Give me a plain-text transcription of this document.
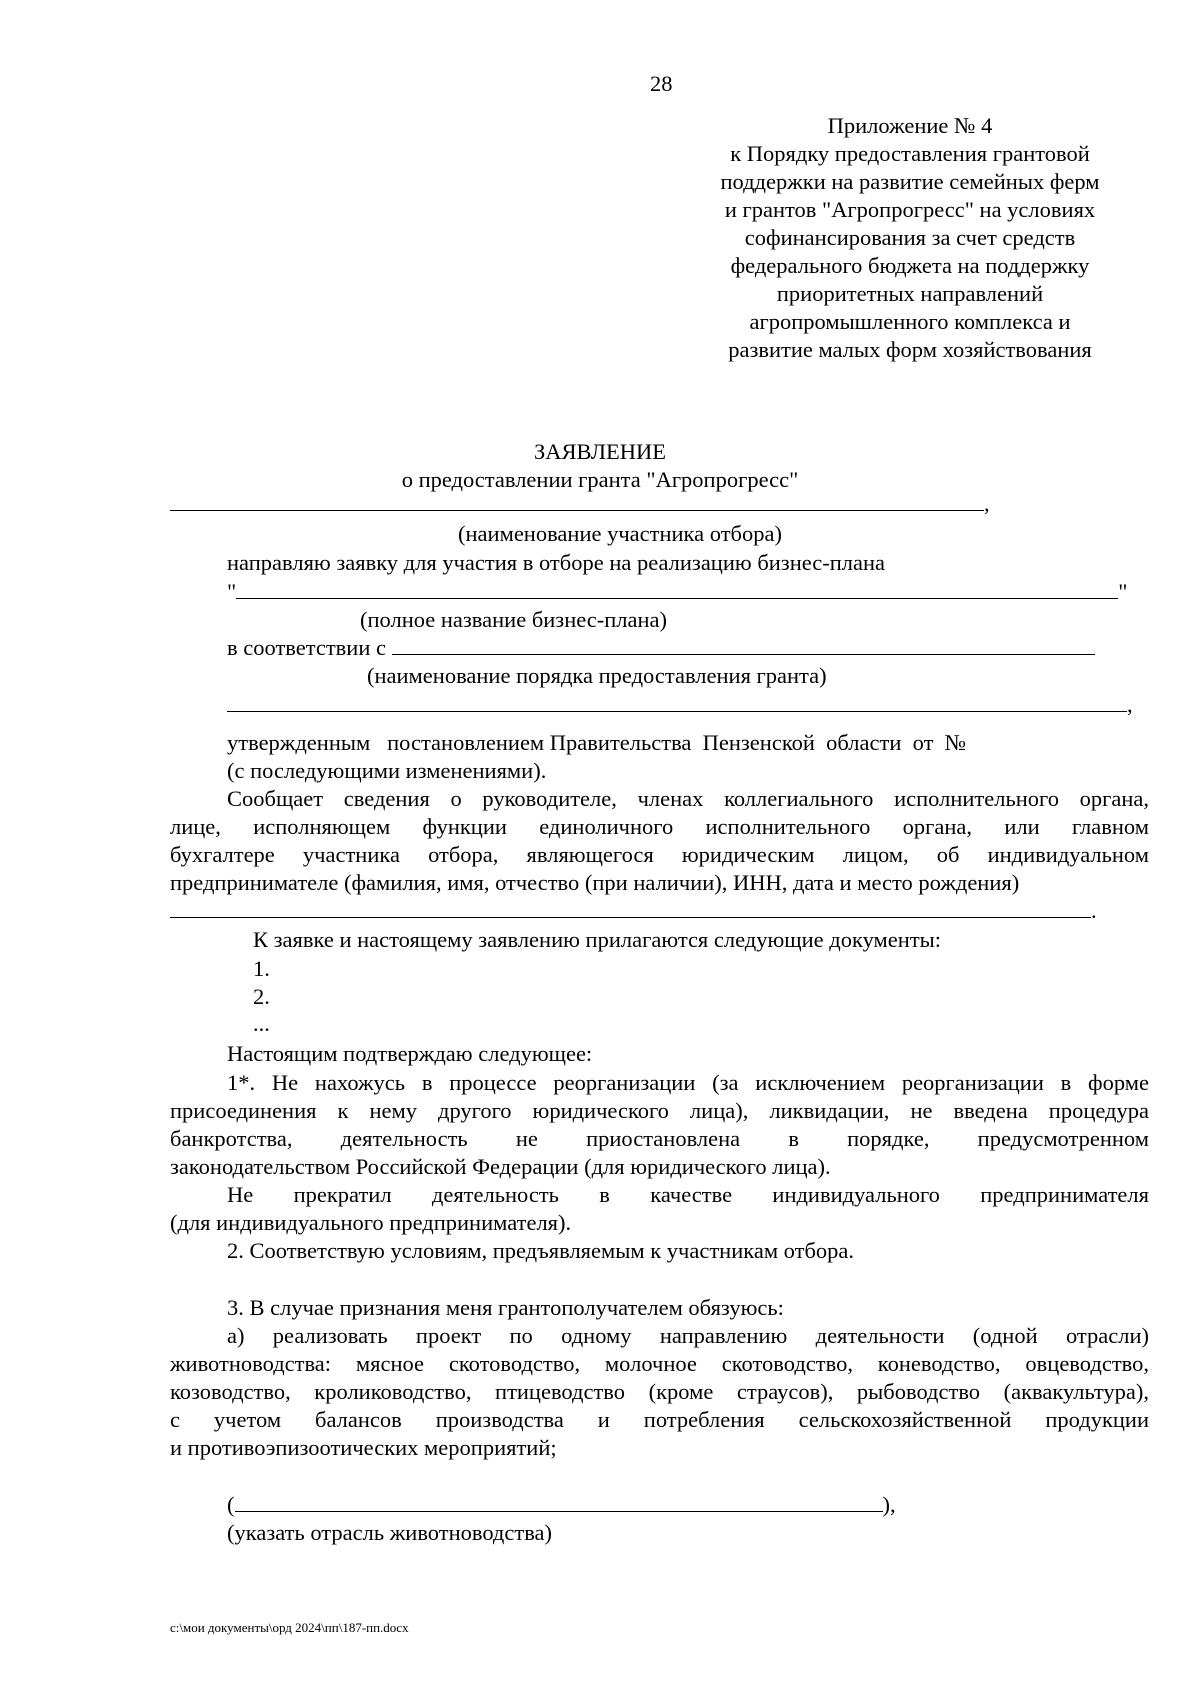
28
Приложение № 4
к Порядку предоставления грантовой
поддержки на развитие семейных ферм
и грантов "Агропрогресс" на условиях
софинансирования за счет средств
федерального бюджета на поддержку
приоритетных направлений
агропромышленного комплекса и
развитие малых форм хозяйствования
ЗАЯВЛЕНИЕ
о предоставлении гранта "Агропрогресс"
,
(наименование участника отбора)
направляю заявку для участия в отборе на реализацию бизнес-плана
"	"
(полное название бизнес-плана)
в соответствии с
(наименование порядка предоставления гранта)
,
утвержденным   постановлением Правительства  Пензенской  области  от  №
(с последующими изменениями).
Сообщает сведения о руководителе, членах коллегиального исполнительного органа,
лице, исполняющем функции единоличного исполнительного органа, или главном
бухгалтере участника отбора, являющегося юридическим лицом, об индивидуальном
предпринимателе (фамилия, имя, отчество (при наличии), ИНН, дата и место рождения)
.
К заявке и настоящему заявлению прилагаются следующие документы:
1.
2.
...
Настоящим подтверждаю следующее:
1*. Не нахожусь в процессе реорганизации (за исключением реорганизации в форме
присоединения к нему другого юридического лица), ликвидации, не введена процедура
банкротства, деятельность не приостановлена в порядке, предусмотренном
законодательством Российской Федерации (для юридического лица).
Не прекратил деятельность в качестве индивидуального предпринимателя
(для индивидуального предпринимателя).
2. Соответствую условиям, предъявляемым к участникам отбора.
3. В случае признания меня грантополучателем обязуюсь:
а) реализовать проект по одному направлению деятельности (одной отрасли)
животноводства: мясное скотоводство, молочное скотоводство, коневодство, овцеводство,
козоводство, кролиководство, птицеводство (кроме страусов), рыбоводство (аквакультура),
с учетом балансов производства и потребления сельскохозяйственной продукции
и противоэпизоотических мероприятий;
(	),
(указать отрасль животноводства)
c:\мои документы\орд 2024\пп\187-пп.docx
